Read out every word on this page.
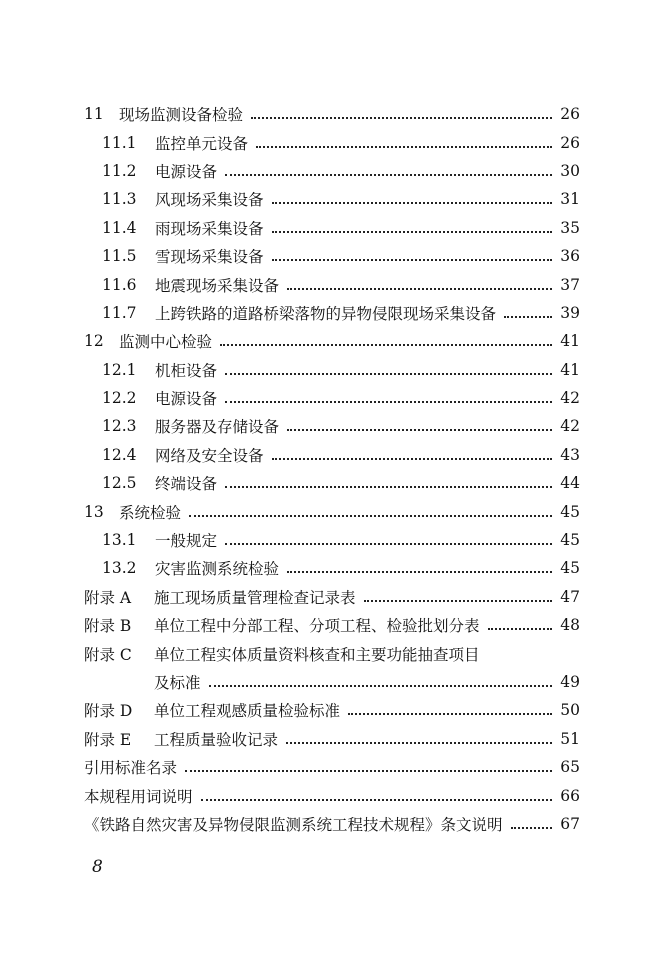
11 现场监测设备检验	26
11.1	监控单元设备	26
11.2	电源设备	30
11.3	风现场采集设备	31
11.4	雨现场采集设备	35
11.5	雪现场采集设备	36
11.6	地震现场采集设备	37
11.7	上跨铁路的道路桥梁落物的异物侵限现场采集设备	39
12 监测中心检验	41
12.1	机柜设备	41
12.2	电源设备	42
12.3	服务器及存储设备	42
12.4	网络及安全设备	43
12.5	终端设备	44
13 系统检验	45
13.1	一般规定	45
13.2	灾害监测系统检验	45
附录 A	施工现场质量管理检查记录表	47
附录 B	单位工程中分部工程、分项工程、检验批划分表	48
附录 C	单位工程实体质量资料核查和主要功能抽查项目
及标准	49
附录 D	单位工程观感质量检验标准	50
附录 E	工程质量验收记录	51
引用标准名录	65
本规程用词说明	66
《铁路自然灾害及异物侵限监测系统工程技术规程》条文说明	67
8
